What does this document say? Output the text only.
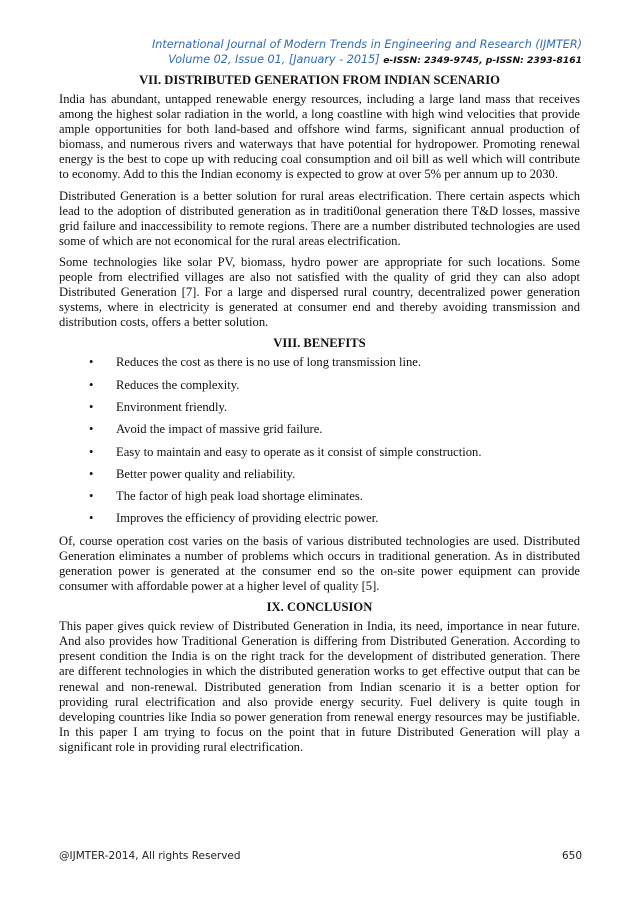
International Journal of Modern Trends in Engineering and Research (IJMTER)
Volume 02, Issue 01, [January - 2015] e-ISSN: 2349-9745, p-ISSN: 2393-8161
VII. DISTRIBUTED GENERATION FROM INDIAN SCENARIO

India has abundant, untapped renewable energy resources, including a large land mass that receives among the highest solar radiation in the world, a long coastline with high wind velocities that provide ample opportunities for both land-based and offshore wind farms, significant annual production of biomass, and numerous rivers and waterways that have potential for hydropower. Promoting renewal energy is the best to cope up with reducing coal consumption and oil bill as well which will contribute to economy. Add to this the Indian economy is expected to grow at over 5% per annum up to 2030.

Distributed Generation is a better solution for rural areas electrification. There certain aspects which lead to the adoption of distributed generation as in traditi0onal generation there T&D losses, massive grid failure and inaccessibility to remote regions. There are a number distributed technologies are used some of which are not economical for the rural areas electrification.

Some technologies like solar PV, biomass, hydro power are appropriate for such locations. Some people from electrified villages are also not satisfied with the quality of grid they can also adopt Distributed Generation [7]. For a large and dispersed rural country, decentralized power generation systems, where in electricity is generated at consumer end and thereby avoiding transmission and distribution costs, offers a better solution.

VIII. BENEFITS
• Reduces the cost as there is no use of long transmission line.
• Reduces the complexity.
• Environment friendly.
• Avoid the impact of massive grid failure.
• Easy to maintain and easy to operate as it consist of simple construction.
• Better power quality and reliability.
• The factor of high peak load shortage eliminates.
• Improves the efficiency of providing electric power.

Of, course operation cost varies on the basis of various distributed technologies are used. Distributed Generation eliminates a number of problems which occurs in traditional generation. As in distributed generation power is generated at the consumer end so the on-site power equipment can provide consumer with affordable power at a higher level of quality [5].

IX. CONCLUSION

This paper gives quick review of Distributed Generation in India, its need, importance in near future. And also provides how Traditional Generation is differing from Distributed Generation. According to present condition the India is on the right track for the development of distributed generation. There are different technologies in which the distributed generation works to get effective output that can be renewal and non-renewal. Distributed generation from Indian scenario it is a better option for providing rural electrification and also provide energy security. Fuel delivery is quite tough in developing countries like India so power generation from renewal energy resources may be justifiable. In this paper I am trying to focus on the point that in future Distributed Generation will play a significant role in providing rural electrification.

@IJMTER-2014, All rights Reserved	650
